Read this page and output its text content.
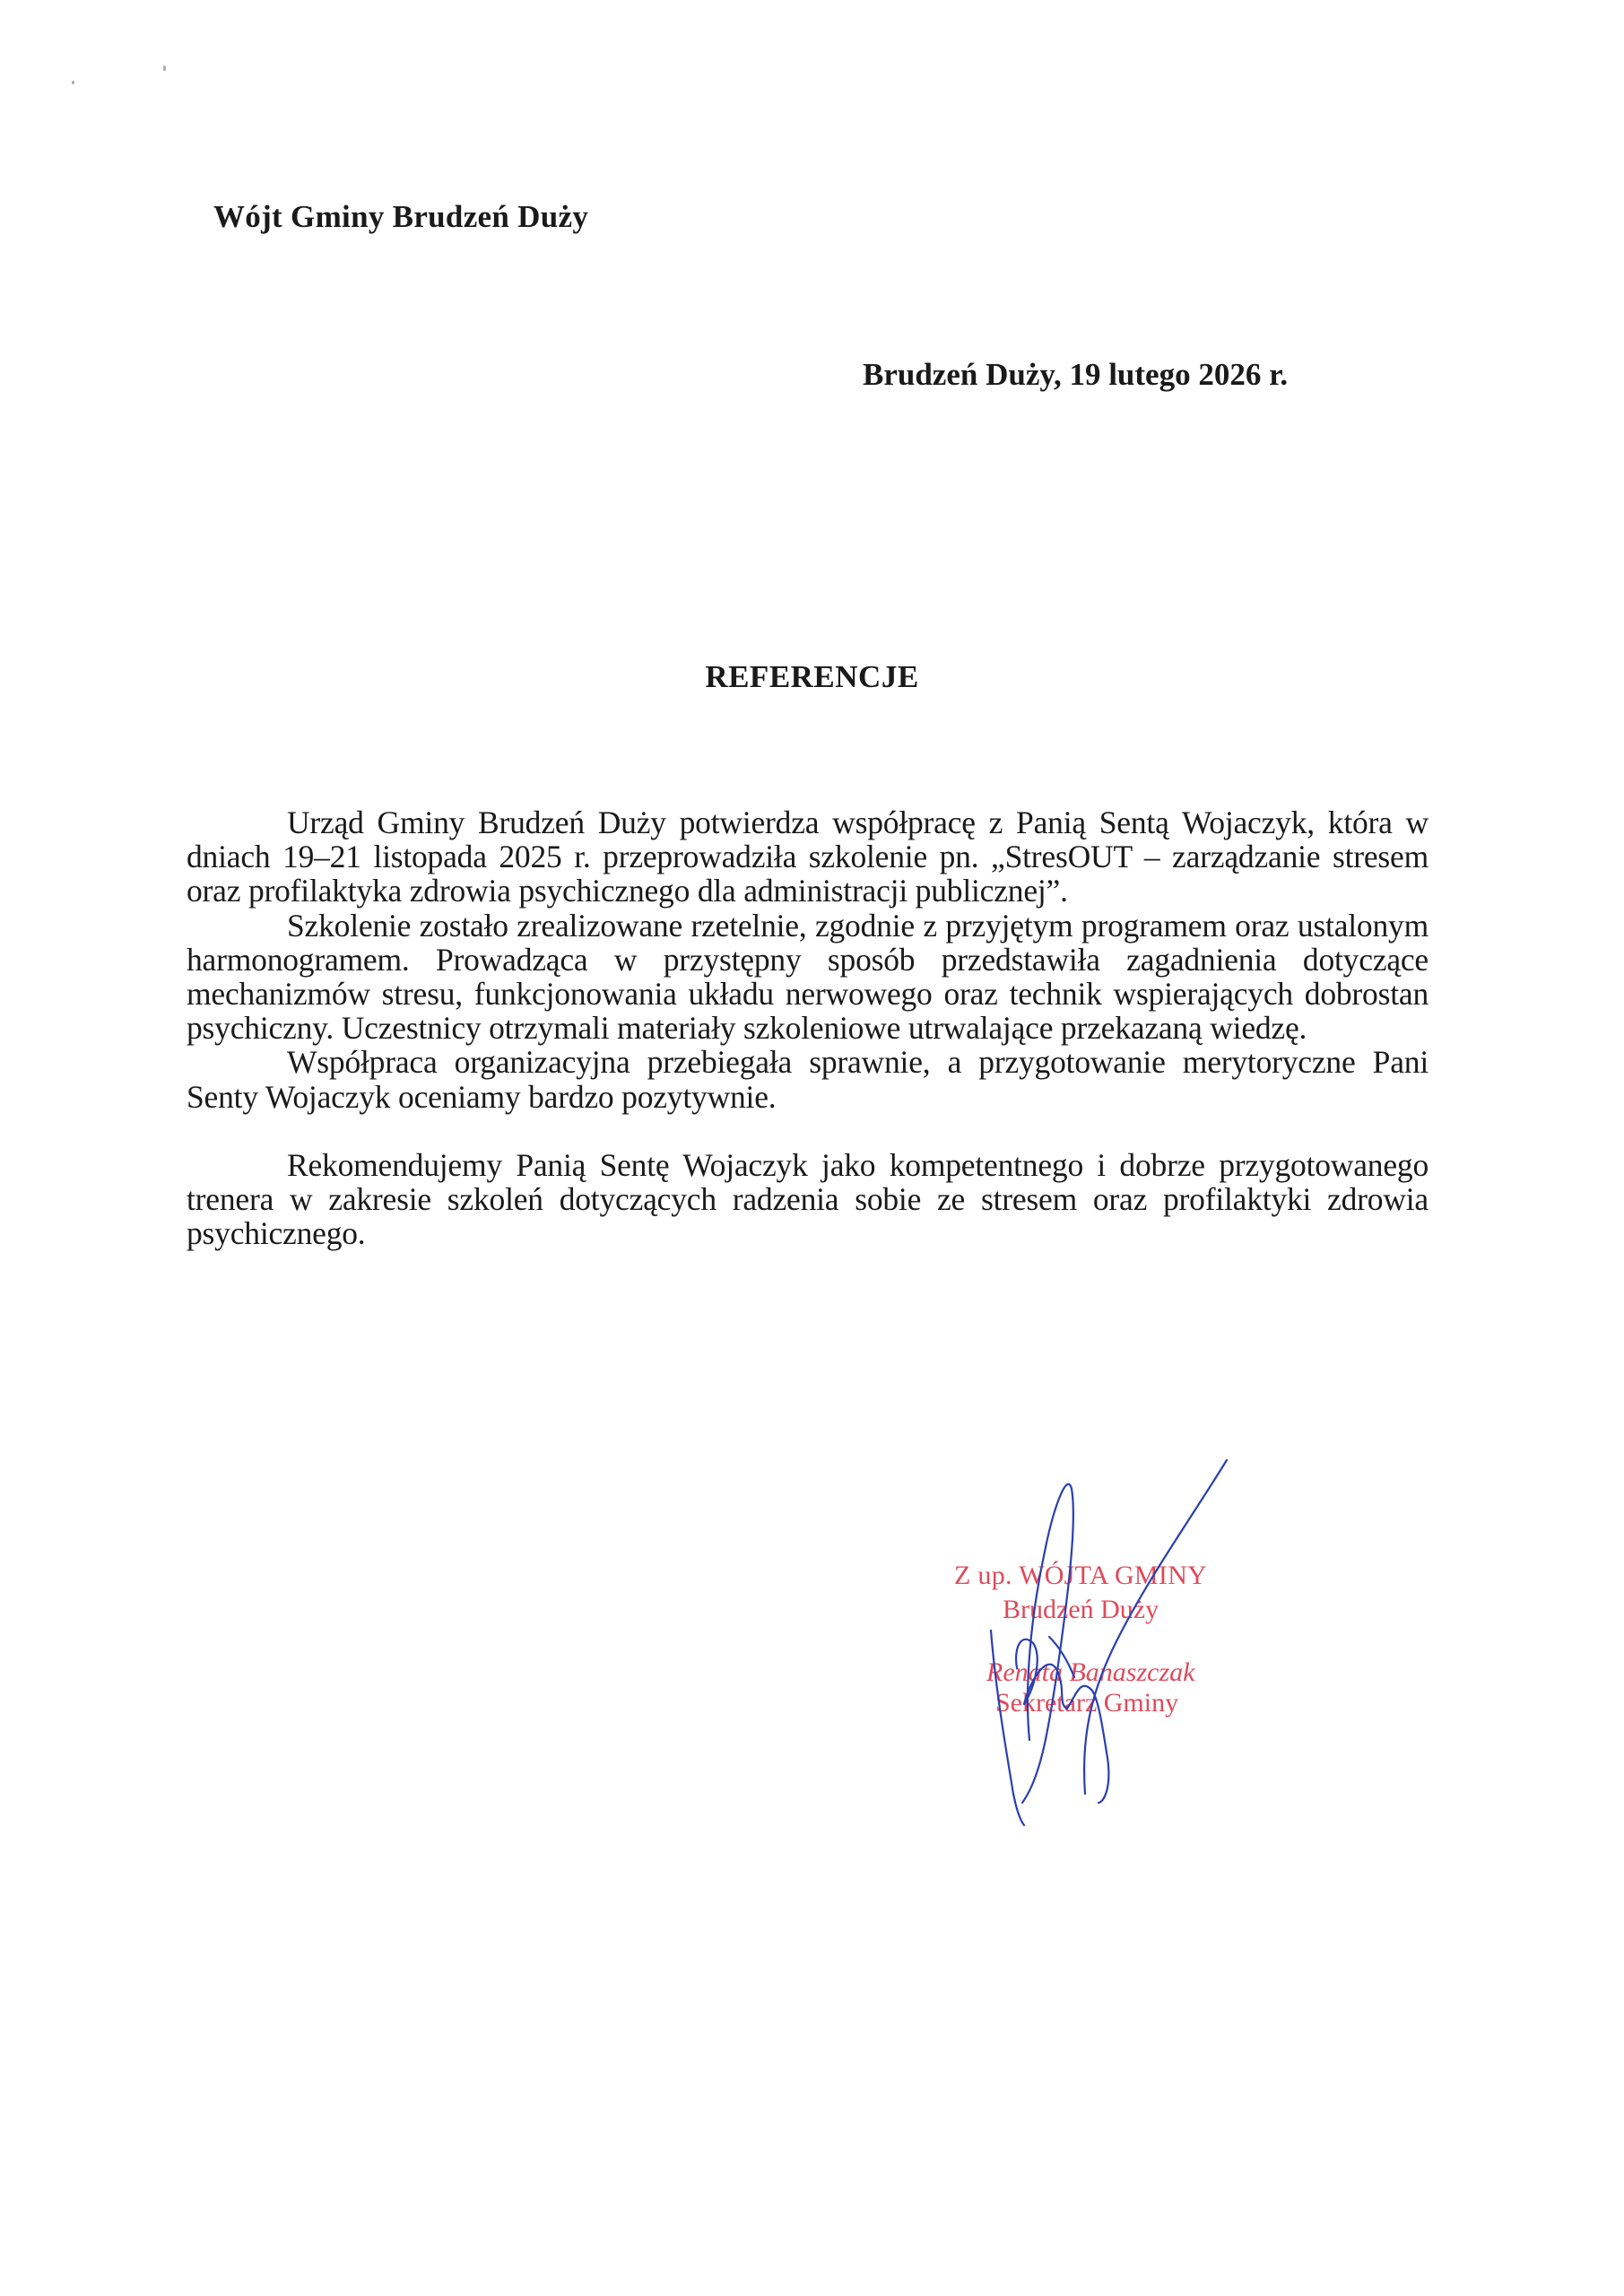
Wójt Gminy Brudzeń Duży
Brudzeń Duży, 19 lutego 2026 r.
REFERENCJE

Urząd Gminy Brudzeń Duży potwierdza współpracę z Panią Sentą Wojaczyk, która w dniach 19–21 listopada 2025 r. przeprowadziła szkolenie pn. „StresOUT – zarządzanie stresem oraz profilaktyka zdrowia psychicznego dla administracji publicznej”.

Szkolenie zostało zrealizowane rzetelnie, zgodnie z przyjętym programem oraz ustalonym harmonogramem. Prowadząca w przystępny sposób przedstawiła zagadnienia dotyczące mechanizmów stresu, funkcjonowania układu nerwowego oraz technik wspierających dobrostan psychiczny. Uczestnicy otrzymali materiały szkoleniowe utrwalające przekazaną wiedzę.

Współpraca organizacyjna przebiegała sprawnie, a przygotowanie merytoryczne Pani Senty Wojaczyk oceniamy bardzo pozytywnie.

Rekomendujemy Panią Sentę Wojaczyk jako kompetentnego i dobrze przygotowanego trenera w zakresie szkoleń dotyczących radzenia sobie ze stresem oraz profilaktyki zdrowia psychicznego.

Z up. WÓJTA GMINY
Brudzeń Duży
Renata Banaszczak
Sekretarz Gminy
